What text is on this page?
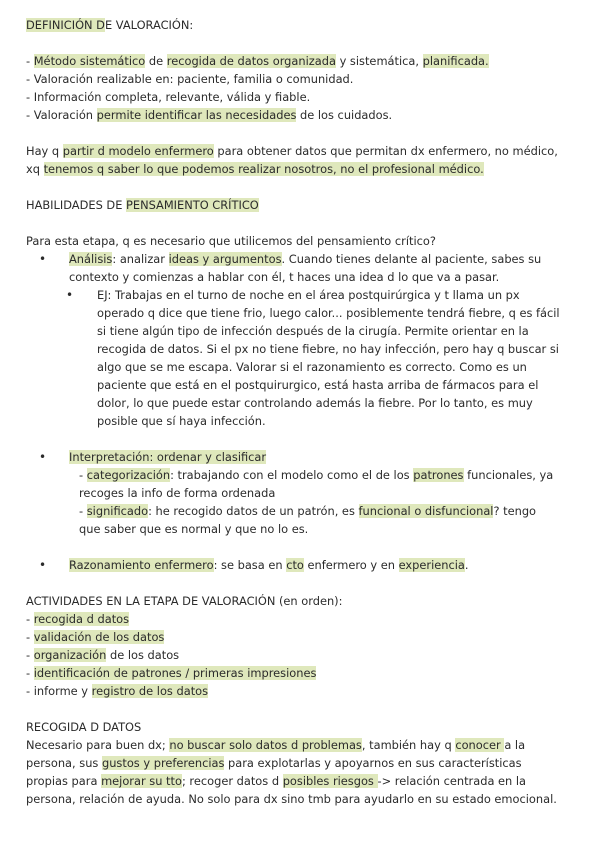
DEFINICIÓN DE VALORACIÓN:
- Método sistemático de recogida de datos organizada y sistemática, planificada.
- Valoración realizable en: paciente, familia o comunidad.
- Información completa, relevante, válida y fiable.
- Valoración permite identificar las necesidades de los cuidados.
Hay q partir d modelo enfermero para obtener datos que permitan dx enfermero, no médico,
xq tenemos q saber lo que podemos realizar nosotros, no el profesional médico.
HABILIDADES DE PENSAMIENTO CRÍTICO
Para esta etapa, q es necesario que utilicemos del pensamiento crítico?
• Análisis: analizar ideas y argumentos. Cuando tienes delante al paciente, sabes su
contexto y comienzas a hablar con él, t haces una idea d lo que va a pasar.
• EJ: Trabajas en el turno de noche en el área postquirúrgica y t llama un px
operado q dice que tiene frio, luego calor... posiblemente tendrá fiebre, q es fácil
si tiene algún tipo de infección después de la cirugía. Permite orientar en la
recogida de datos. Si el px no tiene fiebre, no hay infección, pero hay q buscar si
algo que se me escapa. Valorar si el razonamiento es correcto. Como es un
paciente que está en el postquirurgico, está hasta arriba de fármacos para el
dolor, lo que puede estar controlando además la fiebre. Por lo tanto, es muy
posible que sí haya infección.
• Interpretación: ordenar y clasificar
- categorización: trabajando con el modelo como el de los patrones funcionales, ya
recoges la info de forma ordenada
- significado: he recogido datos de un patrón, es funcional o disfuncional? tengo
que saber que es normal y que no lo es.
• Razonamiento enfermero: se basa en cto enfermero y en experiencia.
ACTIVIDADES EN LA ETAPA DE VALORACIÓN (en orden):
- recogida d datos
- validación de los datos
- organización de los datos
- identificación de patrones / primeras impresiones
- informe y registro de los datos
RECOGIDA D DATOS
Necesario para buen dx; no buscar solo datos d problemas, también hay q conocer a la
persona, sus gustos y preferencias para explotarlas y apoyarnos en sus características
propias para mejorar su tto; recoger datos d posibles riesgos -> relación centrada en la
persona, relación de ayuda. No solo para dx sino tmb para ayudarlo en su estado emocional.
